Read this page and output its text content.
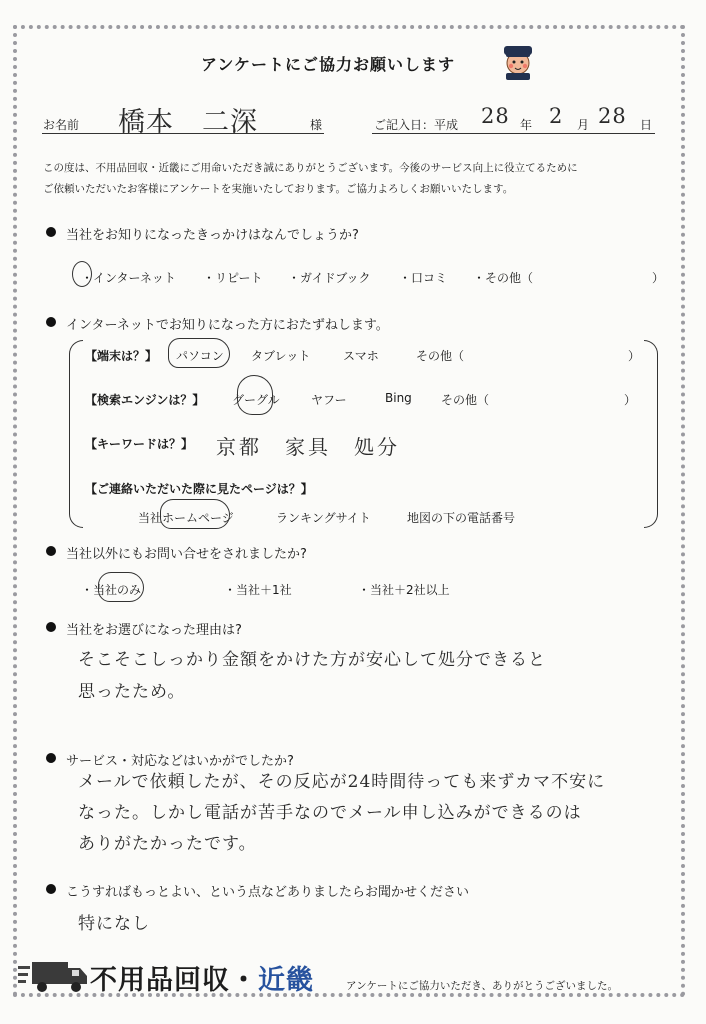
アンケートにご協力お願いします
お名前 橋本　二深	様	ご記入日：平成 28 年 2 月 28 日
この度は、不用品回収・近畿にご用命いただき誠にありがとうございます。今後のサービス向上に役立てるために
ご依頼いただいたお客様にアンケートを実施いたしております。ご協力よろしくお願いいたします。
当社をお知りになったきっかけはなんでしょうか?
・インターネット ・リピート ・ガイドブック ・口コミ ・その他（	）
インターネットでお知りになった方におたずねします。
【端末は？】 パソコン タブレット	スマホ	その他（	）
【検索エンジンは？】 グーグル	ヤフー	Bing その他（	）
【キーワードは？】 京都　家具　処分
【ご連絡いただいた際に見たページは？】
当社ホームページ	ランキングサイト	地図の下の電話番号
当社以外にもお問い合せをされましたか?
・当社のみ	・当社＋1社	・当社＋2社以上
当社をお選びになった理由は?
そこそこしっかり金額をかけた方が安心して処分できると
思ったため。
サービス・対応などはいかがでしたか?
メールで依頼したが、その反応が24時間待っても来ずカマ不安に
なった。しかし電話が苦手なのでメール申し込みができるのは
ありがたかったです。
こうすればもっとよい、という点などありましたらお聞かせください
特になし
不用品回収・近畿	アンケートにご協力いただき、ありがとうございました。
